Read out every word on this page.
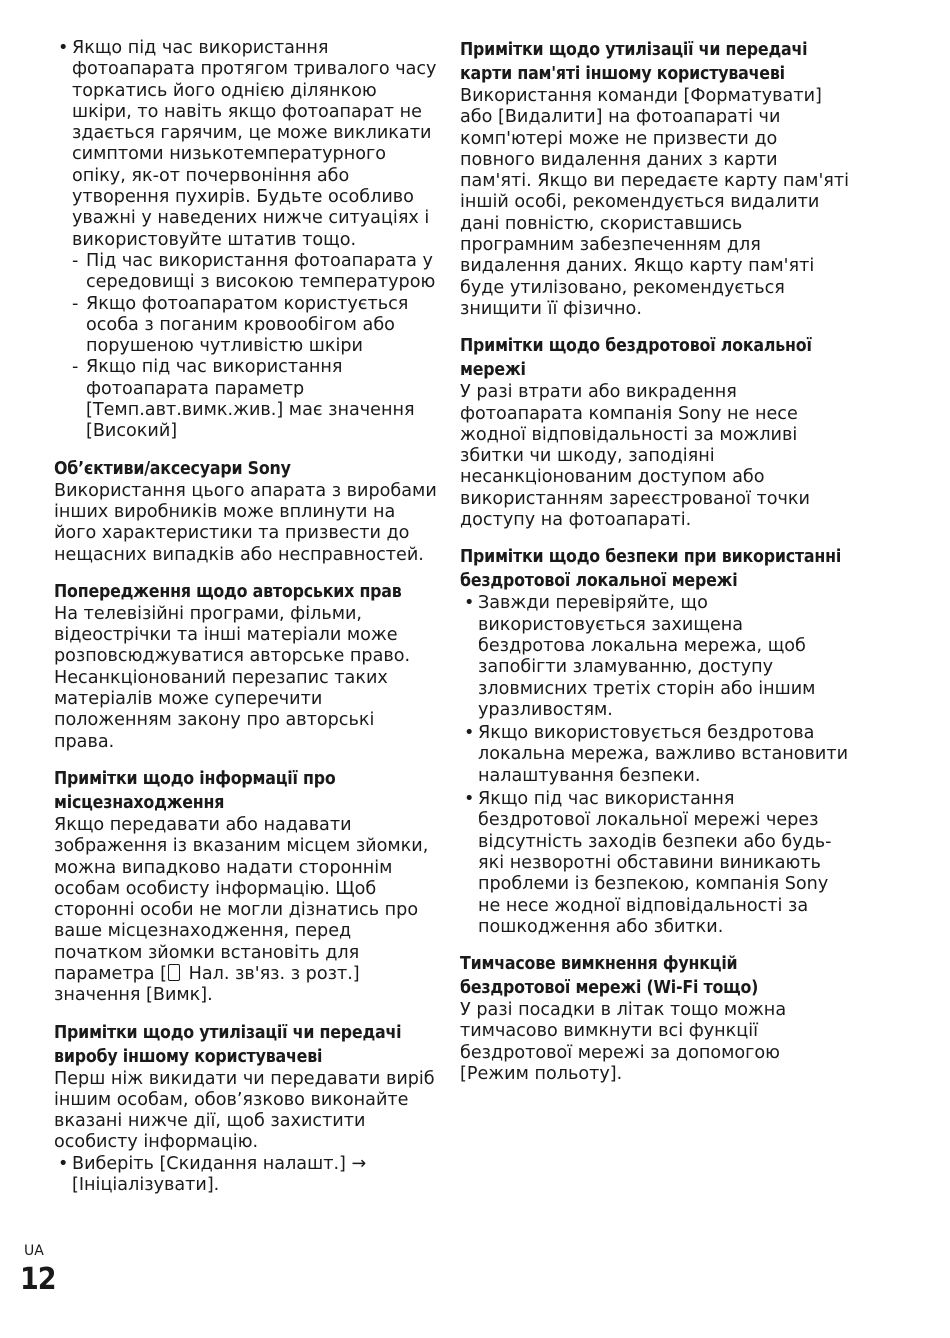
• Якщо під час використання фотоапарата протягом тривалого часу торкатись його однією ділянкою шкіри, то навіть якщо фотоапарат не здається гарячим, це може викликати симптоми низькотемпературного опіку, як-от почервоніння або утворення пухирів. Будьте особливо уважні у наведених нижче ситуаціях і використовуйте штатив тощо.
- Під час використання фотоапарата у середовищі з високою температурою
- Якщо фотоапаратом користується особа з поганим кровообігом або порушеною чутливістю шкіри
- Якщо під час використання фотоапарата параметр [Темп.авт.вимк.жив.] має значення [Високий]
Об’єктиви/аксесуари Sony

Використання цього апарата з виробами інших виробників може вплинути на його характеристики та призвести до нещасних випадків або несправностей.

Попередження щодо авторських прав

На телевізійні програми, фільми, відеострічки та інші матеріали може розповсюджуватися авторське право. Несанкціонований перезапис таких матеріалів може суперечити положенням закону про авторські права.

Примітки щодо інформації про місцезнаходження

Якщо передавати або надавати зображення із вказаним місцем зйомки, можна випадково надати стороннім особам особисту інформацію. Щоб сторонні особи не могли дізнатись про ваше місцезнаходження, перед початком зйомки встановіть для параметра [ Нал. зв'яз. з розт.] значення [Вимк].

Примітки щодо утилізації чи передачі виробу іншому користувачеві

Перш ніж викидати чи передавати виріб іншим особам, обов’язково виконайте вказані нижче дії, щоб захистити особисту інформацію.

• Виберіть [Скидання налашт.] → [Ініціалізувати].
Примітки щодо утилізації чи передачі карти пам'яті іншому користувачеві

Використання команди [Форматувати] або [Видалити] на фотоапараті чи комп'ютері може не призвести до повного видалення даних з карти пам'яті. Якщо ви передаєте карту пам'яті іншій особі, рекомендується видалити дані повністю, скориставшись програмним забезпеченням для видалення даних. Якщо карту пам'яті буде утилізовано, рекомендується знищити її фізично.

Примітки щодо бездротової локальної мережі

У разі втрати або викрадення фотоапарата компанія Sony не несе жодної відповідальності за можливі збитки чи шкоду, заподіяні несанкціонованим доступом або використанням зареєстрованої точки доступу на фотоапараті.

Примітки щодо безпеки при використанні бездротової локальної мережі
• Завжди перевіряйте, що використовується захищена бездротова локальна мережа, щоб запобігти зламуванню, доступу зловмисних третіх сторін або іншим уразливостям.
• Якщо використовується бездротова локальна мережа, важливо встановити налаштування безпеки.
• Якщо під час використання бездротової локальної мережі через відсутність заходів безпеки або будь-які незворотні обставини виникають проблеми із безпекою, компанія Sony не несе жодної відповідальності за пошкодження або збитки.
Тимчасове вимкнення функцій бездротової мережі (Wi-Fi тощо)

У разі посадки в літак тощо можна тимчасово вимкнути всі функції бездротової мережі за допомогою [Режим польоту].

UA
12
